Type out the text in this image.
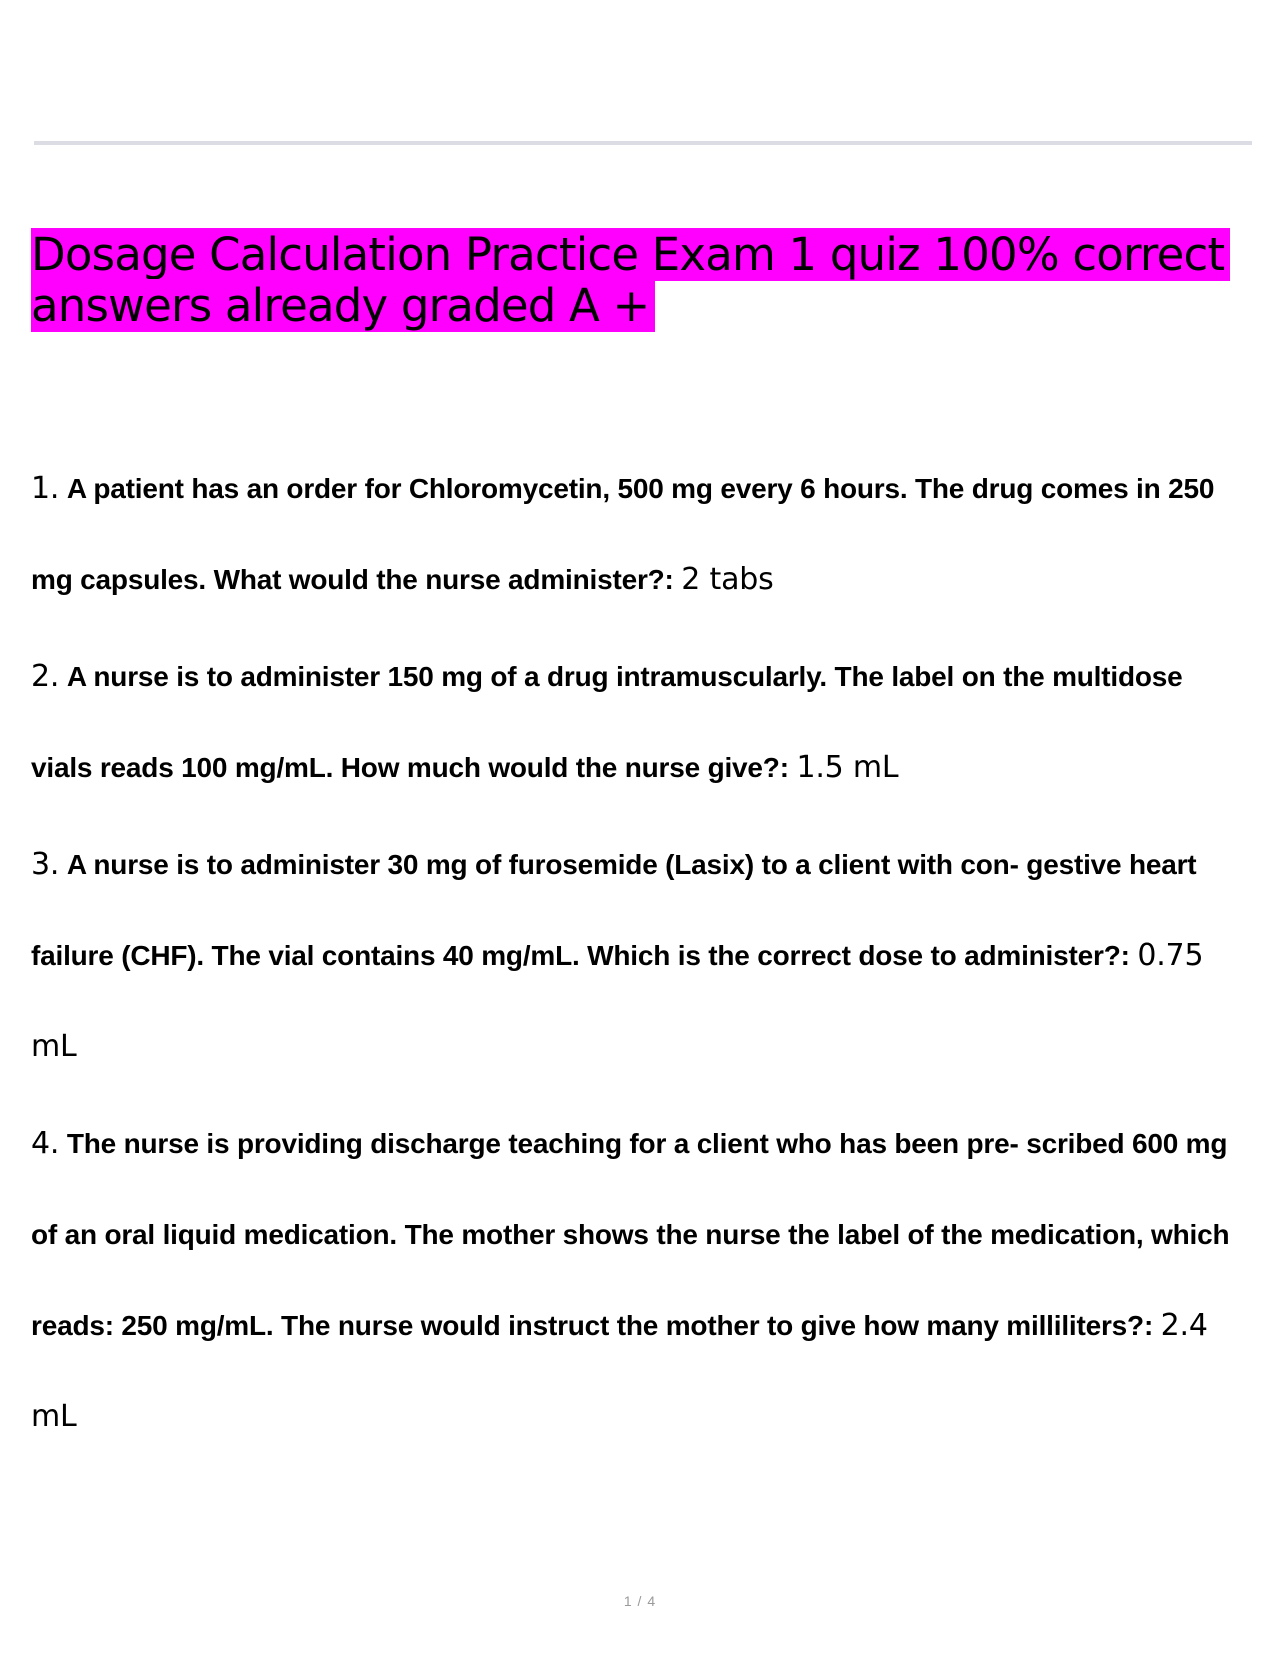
Dosage Calculation Practice Exam 1 quiz 100% correct answers already graded A +
1. A patient has an order for Chloromycetin, 500 mg every 6 hours. The drug comes in 250 mg capsules. What would the nurse administer?: 2 tabs
2. A nurse is to administer 150 mg of a drug intramuscularly. The label on the multidose vials reads 100 mg/mL. How much would the nurse give?: 1.5 mL
3. A nurse is to administer 30 mg of furosemide (Lasix) to a client with con- gestive heart failure (CHF). The vial contains 40 mg/mL. Which is the correct dose to administer?: 0.75 mL
4. The nurse is providing discharge teaching for a client who has been pre- scribed 600 mg of an oral liquid medication. The mother shows the nurse the label of the medication, which reads: 250 mg/mL. The nurse would instruct the mother to give how many milliliters?: 2.4 mL
1 / 4
